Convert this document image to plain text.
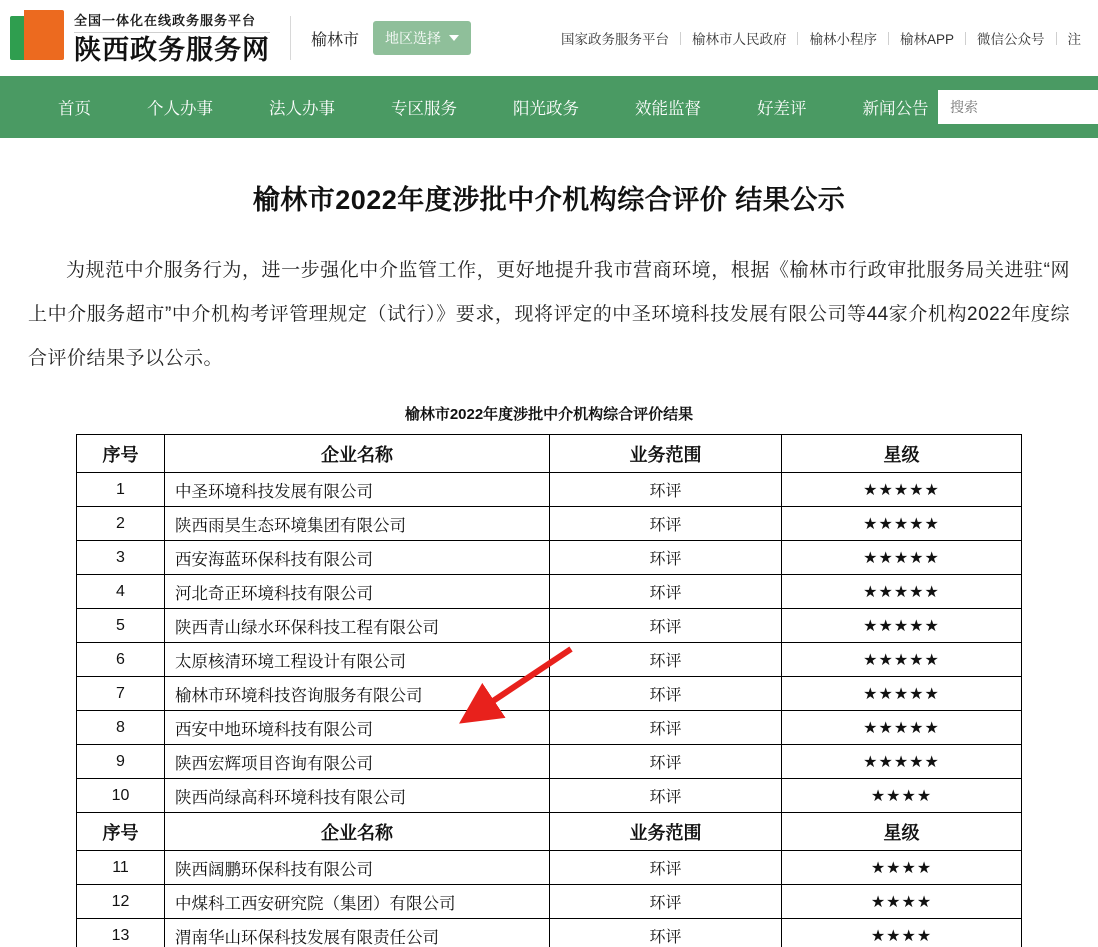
全国一体化在线政务服务平台
陕西政务服务网	榆林市 地区选择	国家政务服务平台	榆林市人民政府	榆林小程序	榆林APP	微信公众号	注
首页	个人办事	法人办事	专区服务	阳光政务	效能监督	好差评	新闻公告
搜索
榆林市2022年度涉批中介机构综合评价 结果公示
为规范中介服务行为，进一步强化中介监管工作，更好地提升我市营商环境，根据《榆林市行政审批服务局关进驻“网上中介服务超市”中介机构考评管理规定（试行）》要求，现将评定的中圣环境科技发展有限公司等44家介机构2022年度综合评价结果予以公示。
榆林市2022年度涉批中介机构综合评价结果
序号	企业名称	业务范围	星级
1	中圣环境科技发展有限公司	环评	★★★★★
2	陕西雨昊生态环境集团有限公司	环评	★★★★★
3	西安海蓝环保科技有限公司	环评	★★★★★
4	河北奇正环境科技有限公司	环评	★★★★★
5	陕西青山绿水环保科技工程有限公司	环评	★★★★★
6	太原核清环境工程设计有限公司	环评	★★★★★
7	榆林市环境科技咨询服务有限公司	环评	★★★★★
8	西安中地环境科技有限公司	环评	★★★★★
9	陕西宏辉项目咨询有限公司	环评	★★★★★
10	陕西尚绿高科环境科技有限公司	环评	★★★★
序号	企业名称	业务范围	星级
11	陕西阔鹏环保科技有限公司	环评	★★★★
12	中煤科工西安研究院（集团）有限公司	环评	★★★★
13	渭南华山环保科技发展有限责任公司	环评	★★★★
